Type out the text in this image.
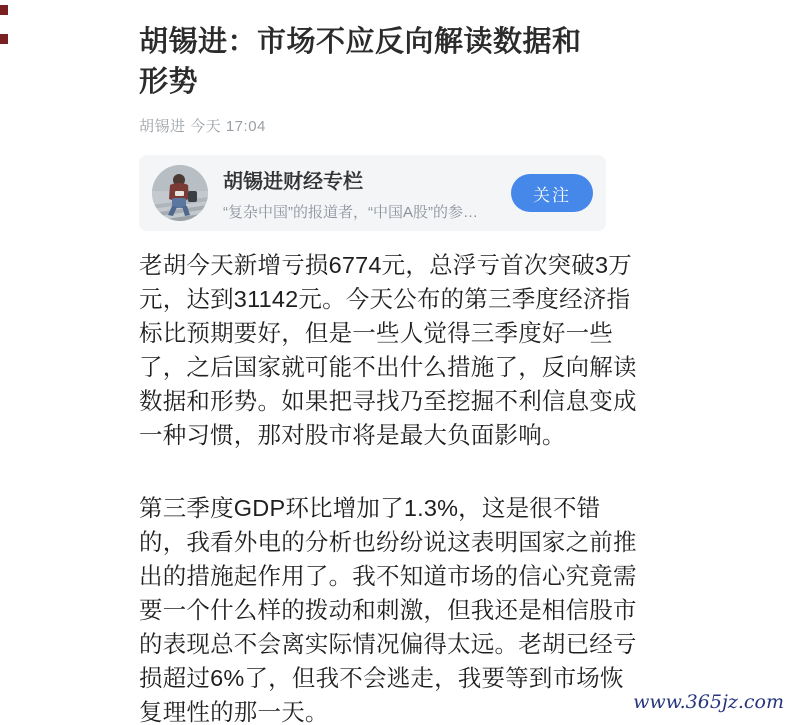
胡锡进：市场不应反向解读数据和
形势
胡锡进 今天 17:04
胡锡进财经专栏
“复杂中国”的报道者，“中国A股”的参…
关注
老胡今天新增亏损6774元，总浮亏首次突破3万
元，达到31142元。今天公布的第三季度经济指
标比预期要好，但是一些人觉得三季度好一些
了，之后国家就可能不出什么措施了，反向解读
数据和形势。如果把寻找乃至挖掘不利信息变成
一种习惯，那对股市将是最大负面影响。
第三季度GDP环比增加了1.3%，这是很不错
的，我看外电的分析也纷纷说这表明国家之前推
出的措施起作用了。我不知道市场的信心究竟需
要一个什么样的拨动和刺激，但我还是相信股市
的表现总不会离实际情况偏得太远。老胡已经亏
损超过6%了，但我不会逃走，我要等到市场恢
复理性的那一天。	www.365jz.com
